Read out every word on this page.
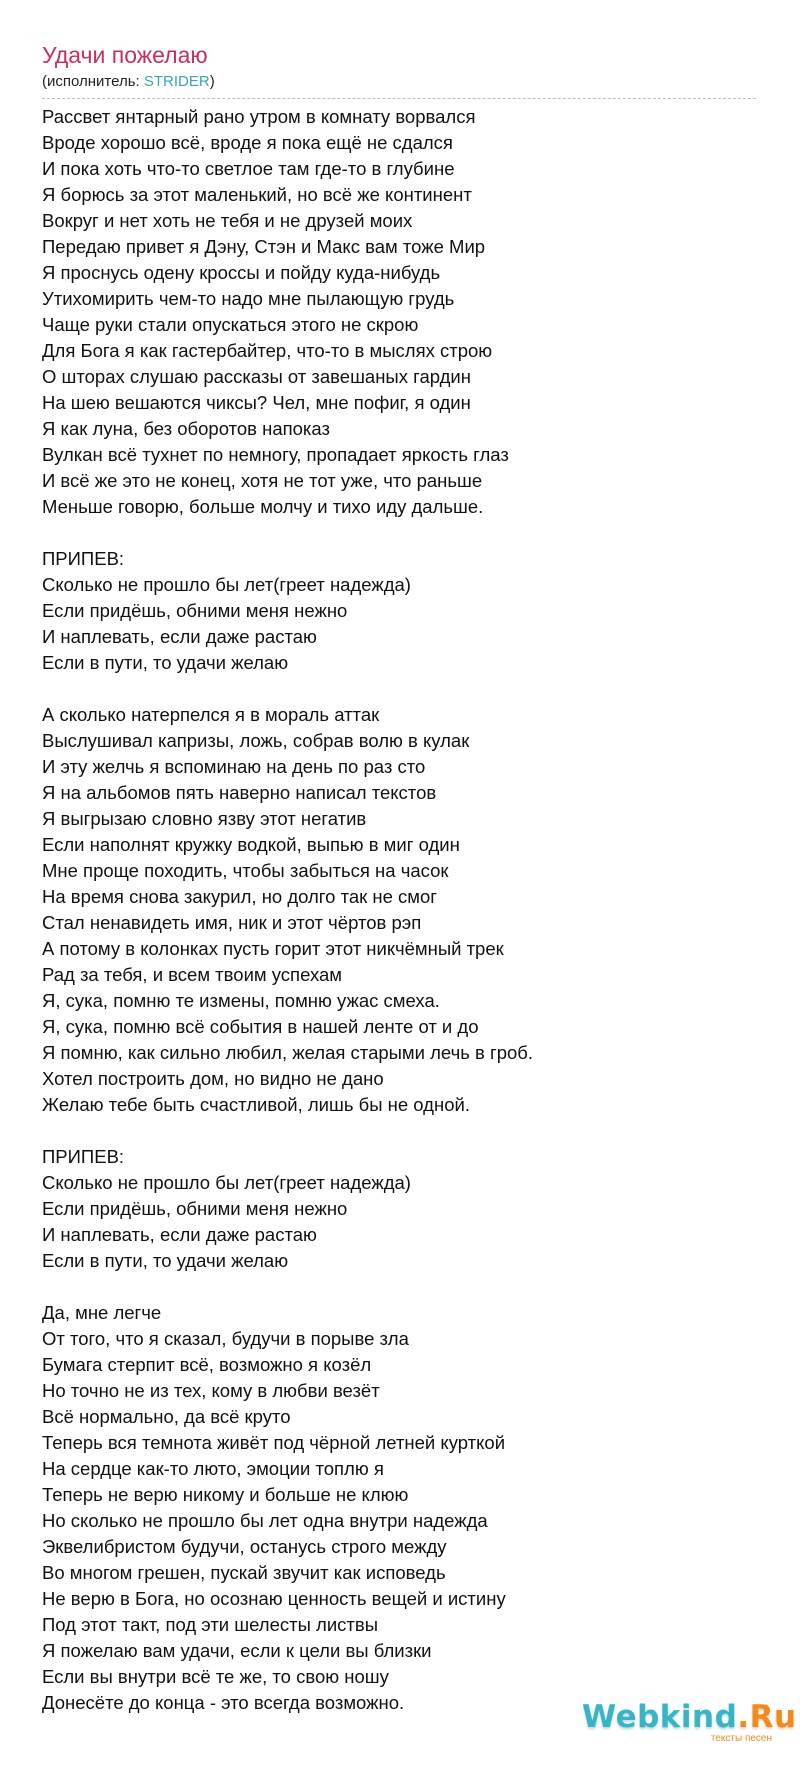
Удачи пожелаю
(исполнитель: STRIDER)
Рассвет янтарный рано утром в комнату ворвался
Вроде хорошо всё, вроде я пока ещё не сдался
И пока хоть что-то светлое там где-то в глубине
Я борюсь за этот маленький, но всё же континент
Вокруг и нет хоть не тебя и не друзей моих
Передаю привет я Дэну, Стэн и Макс вам тоже Мир
Я проснусь одену кроссы и пойду куда-нибудь
Утихомирить чем-то надо мне пылающую грудь
Чаще руки стали опускаться этого не скрою
Для Бога я как гастербайтер, что-то в мыслях строю
О шторах слушаю рассказы от завешаных гардин
На шею вешаются чиксы? Чел, мне пофиг, я один
Я как луна, без оборотов напоказ
Вулкан всё тухнет по немногу, пропадает яркость глаз
И всё же это не конец, хотя не тот уже, что раньше
Меньше говорю, больше молчу и тихо иду дальше.
ПРИПЕВ:
Сколько не прошло бы лет(греет надежда)
Если придёшь, обними меня нежно
И наплевать, если даже растаю
Если в пути, то удачи желаю
А сколько натерпелся я в мораль аттак
Выслушивал капризы, ложь, собрав волю в кулак
И эту желчь я вспоминаю на день по раз сто
Я на альбомов пять наверно написал текстов
Я выгрызаю словно язву этот негатив
Если наполнят кружку водкой, выпью в миг один
Мне проще походить, чтобы забыться на часок
На время снова закурил, но долго так не смог
Стал ненавидеть имя, ник и этот чёртов рэп
А потому в колонках пусть горит этот никчёмный трек
Рад за тебя, и всем твоим успехам
Я, сука, помню те измены, помню ужас смеха.
Я, сука, помню всё события в нашей ленте от и до
Я помню, как сильно любил, желая старыми лечь в гроб.
Хотел построить дом, но видно не дано
Желаю тебе быть счастливой, лишь бы не одной.
ПРИПЕВ:
Сколько не прошло бы лет(греет надежда)
Если придёшь, обними меня нежно
И наплевать, если даже растаю
Если в пути, то удачи желаю
Да, мне легче
От того, что я сказал, будучи в порыве зла
Бумага стерпит всё, возможно я козёл
Но точно не из тех, кому в любви везёт
Всё нормально, да всё круто
Теперь вся темнота живёт под чёрной летней курткой
На сердце как-то люто, эмоции топлю я
Теперь не верю никому и больше не клюю
Но сколько не прошло бы лет одна внутри надежда
Эквелибристом будучи, останусь строго между
Во многом грешен, пускай звучит как исповедь
Не верю в Бога, но осознаю ценность вещей и истину
Под этот такт, под эти шелесты листвы
Я пожелаю вам удачи, если к цели вы близки
Если вы внутри всё те же, то свою ношу
Донесёте до конца - это всегда возможно.	Webkind.Ru
тексты песен
